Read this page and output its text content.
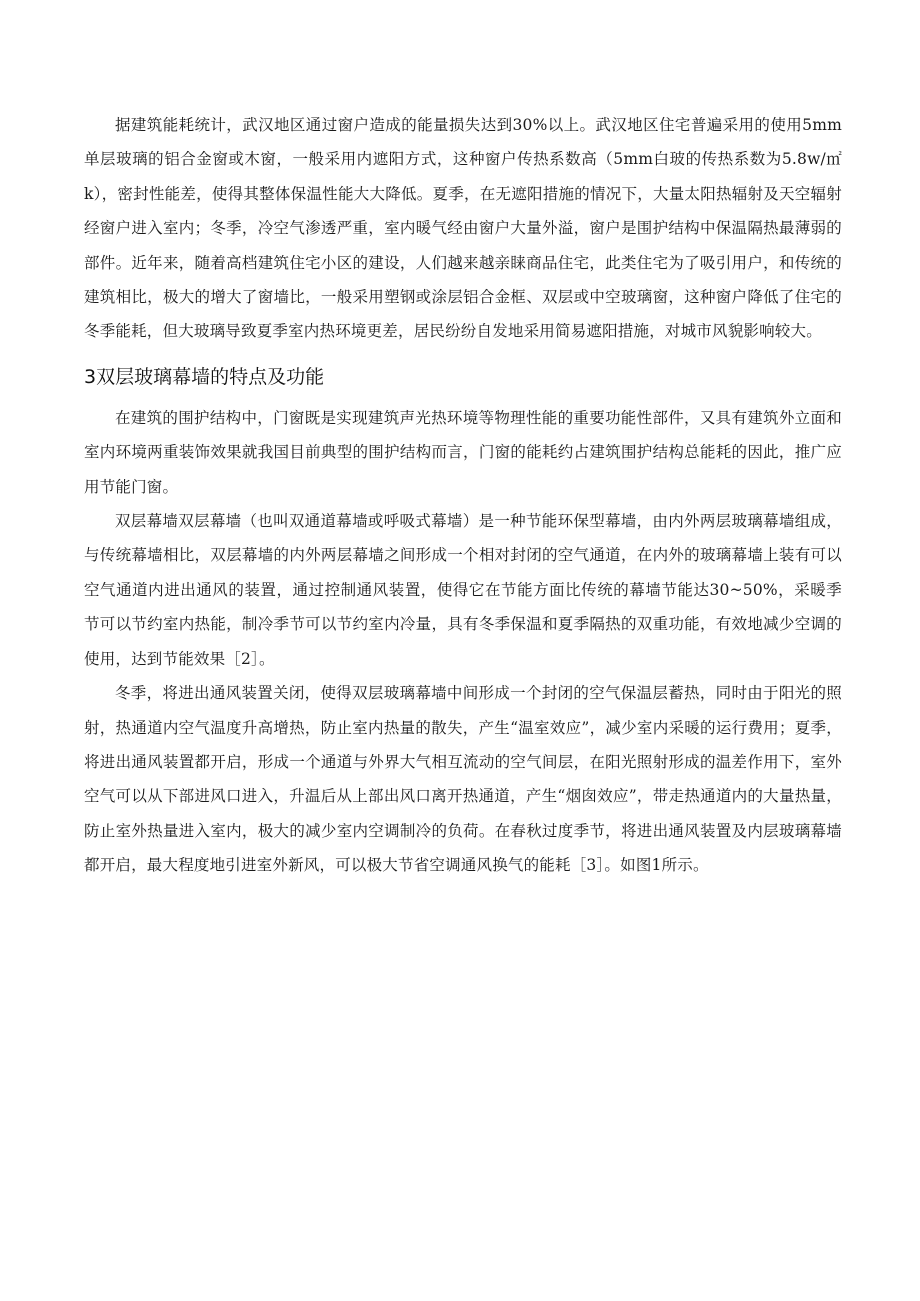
据建筑能耗统计，武汉地区通过窗户造成的能量损失达到30%以上。武汉地区住宅普遍采用的使用5mm单层玻璃的铝合金窗或木窗，一般采用内遮阳方式，这种窗户传热系数高（5mm白玻的传热系数为5.8w/㎡k），密封性能差，使得其整体保温性能大大降低。夏季，在无遮阳措施的情况下，大量太阳热辐射及天空辐射经窗户进入室内；冬季，冷空气渗透严重，室内暖气经由窗户大量外溢，窗户是围护结构中保温隔热最薄弱的部件。近年来，随着高档建筑住宅小区的建设，人们越来越亲睐商品住宅，此类住宅为了吸引用户，和传统的建筑相比，极大的增大了窗墙比，一般采用塑钢或涂层铝合金框、双层或中空玻璃窗，这种窗户降低了住宅的冬季能耗，但大玻璃导致夏季室内热环境更差，居民纷纷自发地采用简易遮阳措施，对城市风貌影响较大。

3双层玻璃幕墙的特点及功能

在建筑的围护结构中，门窗既是实现建筑声光热环境等物理性能的重要功能性部件，又具有建筑外立面和室内环境两重装饰效果就我国目前典型的围护结构而言，门窗的能耗约占建筑围护结构总能耗的因此，推广应用节能门窗。

双层幕墙双层幕墙（也叫双通道幕墙或呼吸式幕墙）是一种节能环保型幕墙，由内外两层玻璃幕墙组成，与传统幕墙相比，双层幕墙的内外两层幕墙之间形成一个相对封闭的空气通道，在内外的玻璃幕墙上装有可以空气通道内进出通风的装置，通过控制通风装置，使得它在节能方面比传统的幕墙节能达30~50%，采暖季节可以节约室内热能，制冷季节可以节约室内冷量，具有冬季保温和夏季隔热的双重功能，有效地减少空调的使用，达到节能效果［2］。

冬季，将进出通风装置关闭，使得双层玻璃幕墙中间形成一个封闭的空气保温层蓄热，同时由于阳光的照射，热通道内空气温度升高增热，防止室内热量的散失，产生“温室效应”，减少室内采暖的运行费用；夏季，将进出通风装置都开启，形成一个通道与外界大气相互流动的空气间层，在阳光照射形成的温差作用下，室外空气可以从下部进风口进入，升温后从上部出风口离开热通道，产生“烟囱效应”，带走热通道内的大量热量，防止室外热量进入室内，极大的减少室内空调制冷的负荷。在春秋过度季节，将进出通风装置及内层玻璃幕墙都开启，最大程度地引进室外新风，可以极大节省空调通风换气的能耗［3］。如图1所示。
